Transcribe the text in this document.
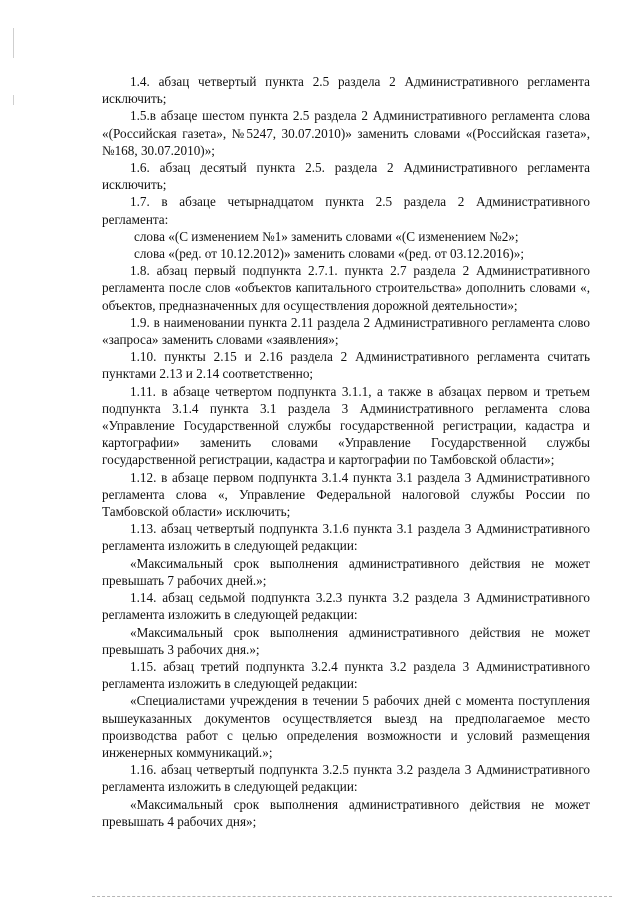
1.4. абзац четвертый пункта 2.5 раздела 2 Административного регламента исключить;

1.5.в абзаце шестом пункта 2.5 раздела 2 Административного регламента слова «(Российская газета», №5247, 30.07.2010)» заменить словами «(Российская газета», №168, 30.07.2010)»;

1.6. абзац десятый пункта 2.5. раздела 2 Административного регламента исключить;

1.7. в абзаце четырнадцатом пункта 2.5 раздела 2 Административного регламента:

слова «(С изменением №1» заменить словами «(С изменением №2»;

слова «(ред. от 10.12.2012)» заменить словами «(ред. от 03.12.2016)»;

1.8. абзац первый подпункта 2.7.1. пункта 2.7 раздела 2 Административного регламента после слов «объектов капитального строительства» дополнить словами «, объектов, предназначенных для осуществления дорожной деятельности»;

1.9. в наименовании пункта 2.11 раздела 2 Административного регламента слово «запроса» заменить словами «заявления»;

1.10. пункты 2.15 и 2.16 раздела 2 Административного регламента считать пунктами 2.13 и 2.14 соответственно;

1.11. в абзаце четвертом подпункта 3.1.1, а также в абзацах первом и третьем подпункта 3.1.4 пункта 3.1 раздела 3 Административного регламента слова «Управление Государственной службы государственной регистрации, кадастра и картографии» заменить словами «Управление Государственной службы государственной регистрации, кадастра и картографии по Тамбовской области»;

1.12. в абзаце первом подпункта 3.1.4 пункта 3.1 раздела 3 Административного регламента слова «, Управление Федеральной налоговой службы России по Тамбовской области» исключить;

1.13. абзац четвертый подпункта 3.1.6 пункта 3.1 раздела 3 Административного регламента изложить в следующей редакции:

«Максимальный срок выполнения административного действия не может превышать 7 рабочих дней.»;

1.14. абзац седьмой подпункта 3.2.3 пункта 3.2 раздела 3 Административного регламента изложить в следующей редакции:

«Максимальный срок выполнения административного действия не может превышать 3 рабочих дня.»;

1.15. абзац третий подпункта 3.2.4 пункта 3.2 раздела 3 Административного регламента изложить в следующей редакции:

«Специалистами учреждения в течении 5 рабочих дней с момента поступления вышеуказанных документов осуществляется выезд на предполагаемое место производства работ с целью определения возможности и условий размещения инженерных коммуникаций.»;

1.16. абзац четвертый подпункта 3.2.5 пункта 3.2 раздела 3 Административного регламента изложить в следующей редакции:

«Максимальный срок выполнения административного действия не может превышать 4 рабочих дня»;
